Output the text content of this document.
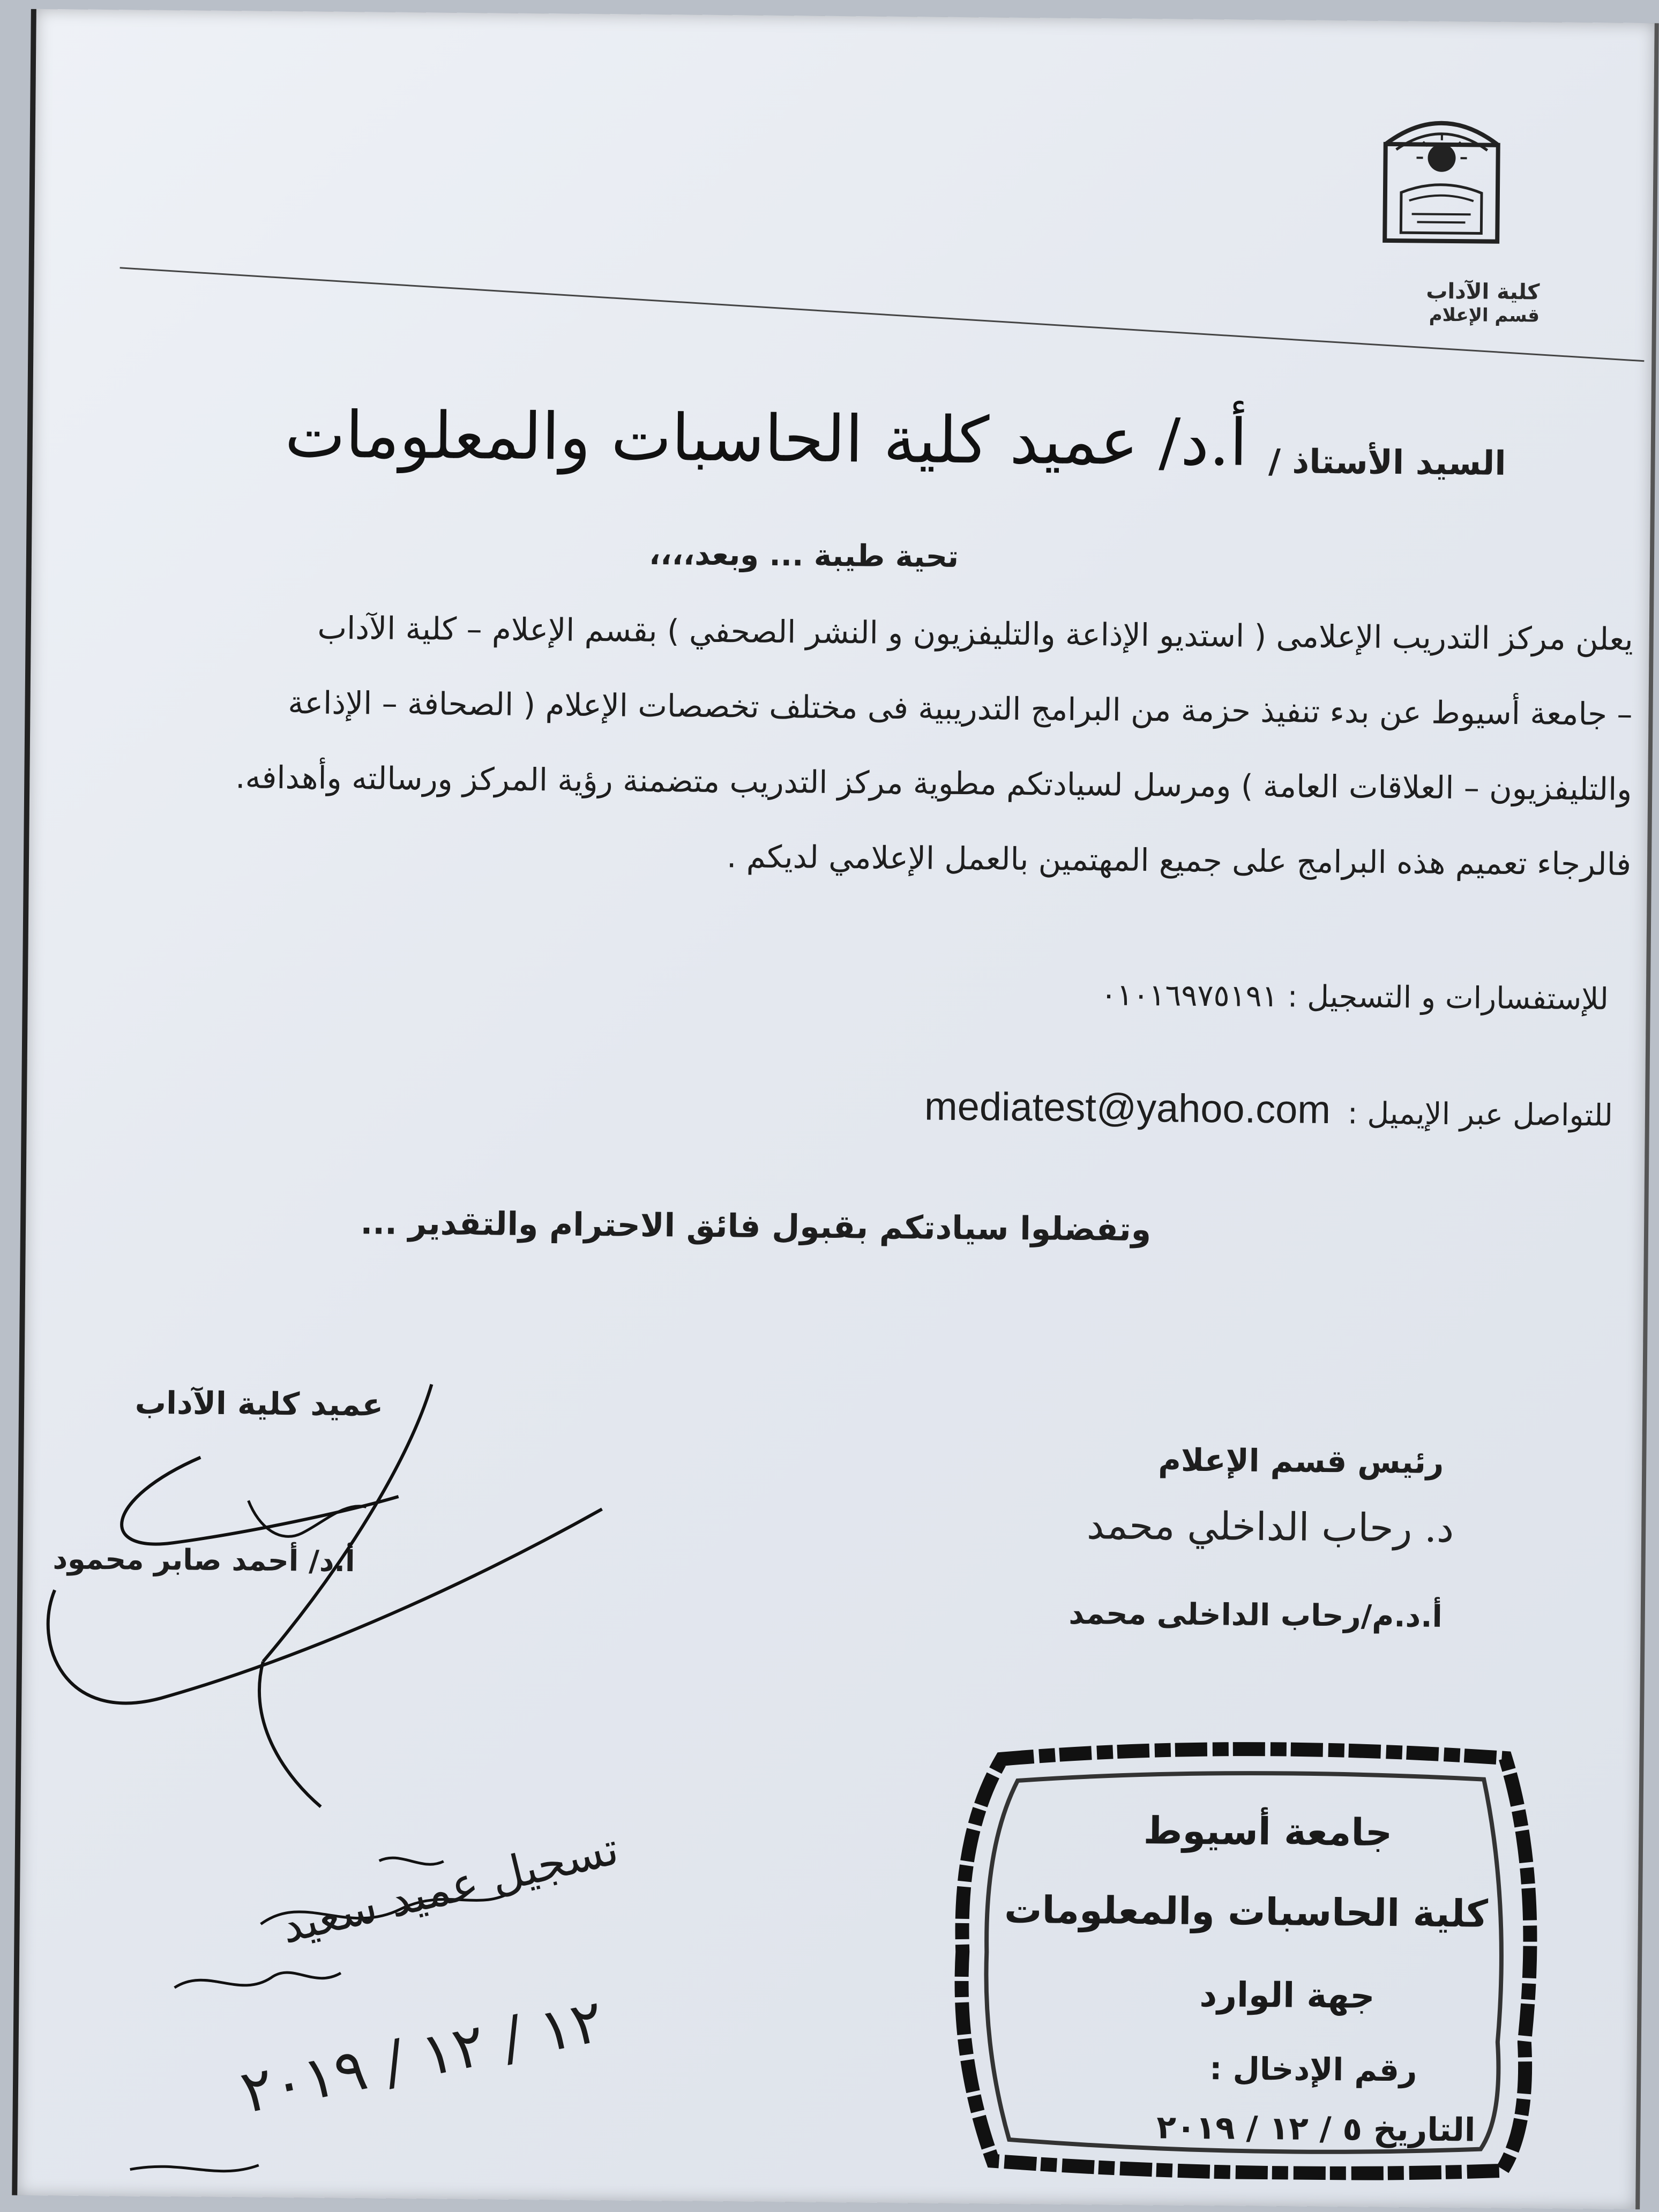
كلية الآداب
قسم الإعلام
السيد الأستاذ / أ.د/ عميد كلية الحاسبات والمعلومات
تحية طيبة ... وبعد،،،،

يعلن مركز التدريب الإعلامى ( استديو الإذاعة والتليفزيون و النشر الصحفي ) بقسم الإعلام – كلية الآداب

– جامعة أسيوط عن بدء تنفيذ حزمة من البرامج التدريبية فى مختلف تخصصات الإعلام ( الصحافة – الإذاعة

والتليفزيون – العلاقات العامة ) ومرسل لسيادتكم مطوية مركز التدريب متضمنة رؤية المركز ورسالته وأهدافه.

فالرجاء تعميم هذه البرامج على جميع المهتمين بالعمل الإعلامي لديكم .

للإستفسارات و التسجيل : ٠١٠١٦٩٧٥١٩١
للتواصل عبر الإيميل : mediatest@yahoo.com
وتفضلوا سيادتكم بقبول فائق الاحترام والتقدير ...
عميد كلية الآداب
أ.د/ أحمد صابر محمود
رئيس قسم الإعلام
د. رحاب الداخلي محمد
أ.د.م/رحاب الداخلى محمد
جامعة أسيوط
كلية الحاسبات والمعلومات
جهة الوارد
رقم الإدخال :
التاريخ ٥ / ١٢ / ٢٠١٩
تسجيل عميد سعيد
١٢ / ١٢ / ٢٠١٩
